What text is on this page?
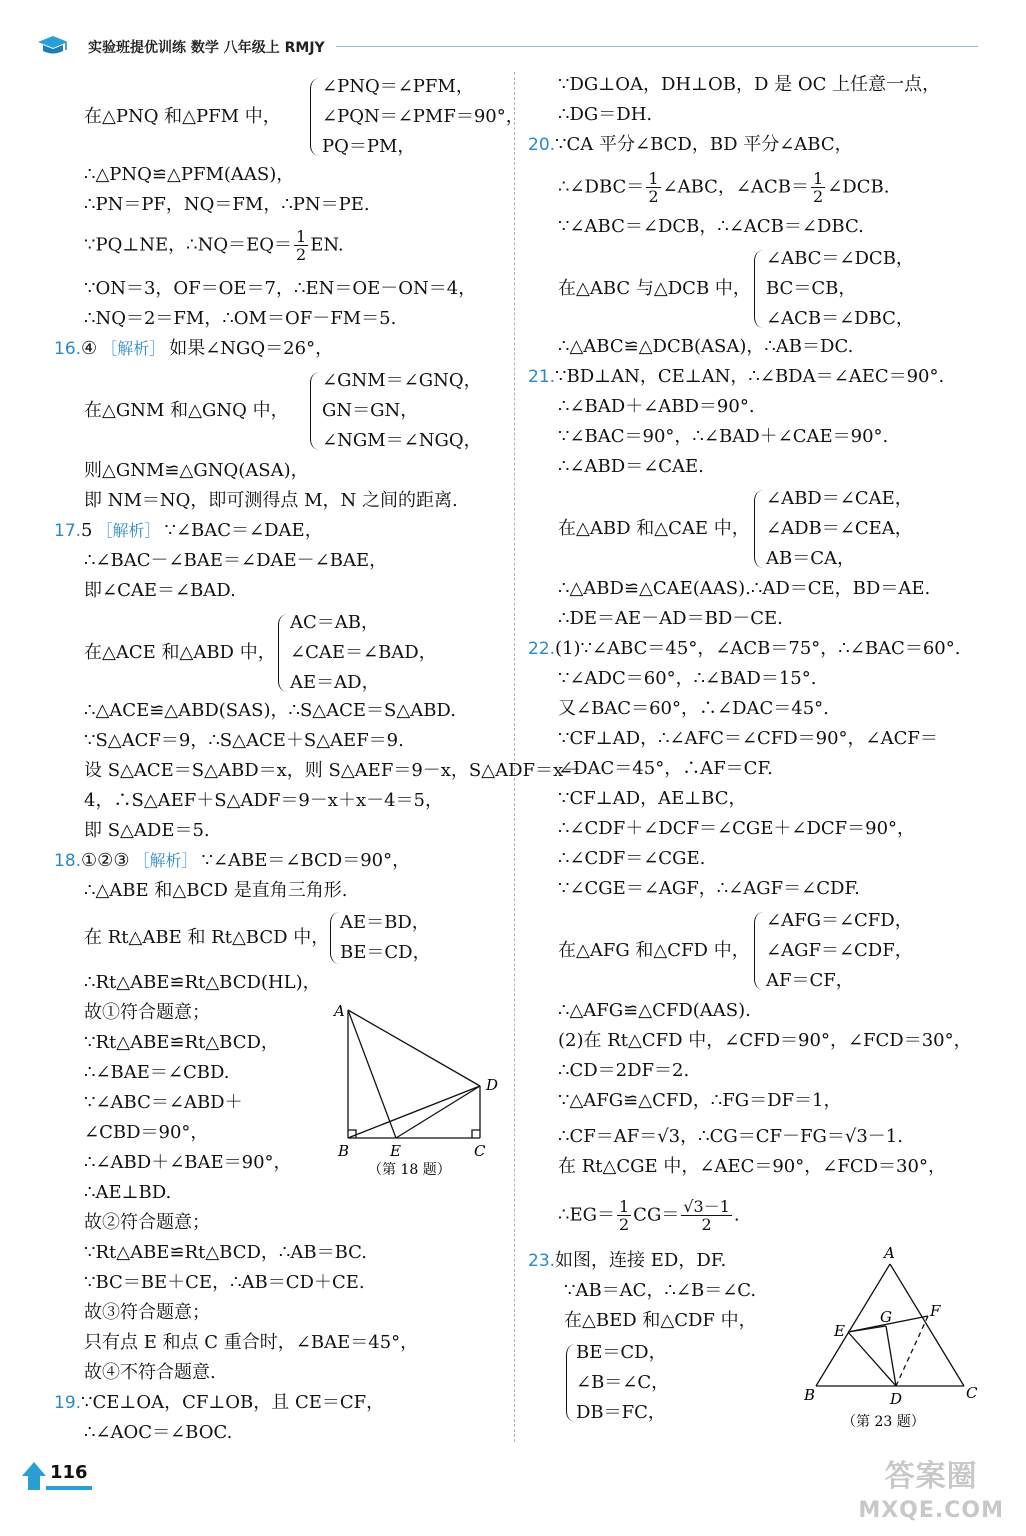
实验班提优训练 数学 八年级上 RMJY
在△PNQ 和△PFM 中，
∠PNQ＝∠PFM，
∠PQN＝∠PMF＝90°，
PQ＝PM，
∴△PNQ≌△PFM(AAS)，
∴PN＝PF，NQ＝FM，∴PN＝PE.
∵PQ⊥NE，∴NQ＝EQ＝ $\frac{1}{2}$ EN.
∵ON＝3，OF＝OE＝7，∴EN＝OE－ON＝4，
∴NQ＝2＝FM，∴OM＝OF－FM＝5.
16.④ ［解析］ 如果∠NGQ＝26°，
在△GNM 和△GNQ 中，
∠GNM＝∠GNQ，
GN＝GN，
∠NGM＝∠NGQ，
则△GNM≌△GNQ(ASA)，
即 NM＝NQ，即可测得点 M，N 之间的距离.
17.5 ［解析］ ∵∠BAC＝∠DAE，
∴∠BAC－∠BAE＝∠DAE－∠BAE，
即∠CAE＝∠BAD.
在△ACE 和△ABD 中，
AC＝AB，
∠CAE＝∠BAD，
AE＝AD，
∴△ACE≌△ABD(SAS)，∴S△ACE＝S△ABD.
∵S△ACF＝9，∴S△ACE＋S△AEF＝9.
设 S△ACE＝S△ABD＝x，则 S△AEF＝9－x，S△ADF＝x－
4，∴S△AEF＋S△ADF＝9－x＋x－4＝5，
即 S△ADE＝5.
18.①②③ ［解析］ ∵∠ABE＝∠BCD＝90°，
∴△ABE 和△BCD 是直角三角形.
在 Rt△ABE 和 Rt△BCD 中，
AE＝BD，
BE＝CD，
∴Rt△ABE≌Rt△BCD(HL)，
故①符合题意；
∵Rt△ABE≌Rt△BCD，
∴∠BAE＝∠CBD.
∵∠ABC＝∠ABD＋
∠CBD＝90°，
∴∠ABD＋∠BAE＝90°，
∴AE⊥BD.
故②符合题意；
∵Rt△ABE≌Rt△BCD，∴AB＝BC.
∵BC＝BE＋CE，∴AB＝CD＋CE.
故③符合题意；
只有点 E 和点 C 重合时，∠BAE＝45°，
故④不符合题意.
19.∵CE⊥OA，CF⊥OB，且 CE＝CF，
∴∠AOC＝∠BOC.
A
B	E	C
D
（第 18 题）
∵DG⊥OA，DH⊥OB，D 是 OC 上任意一点，
∴DG＝DH.
20.∵CA 平分∠BCD，BD 平分∠ABC，
∴∠DBC＝ $\frac{1}{2}$ ∠ABC，∠ACB＝ $\frac{1}{2}$ ∠DCB.
∵∠ABC＝∠DCB，∴∠ACB＝∠DBC.
在△ABC 与△DCB 中，
∠ABC＝∠DCB，
BC＝CB，
∠ACB＝∠DBC，
∴△ABC≌△DCB(ASA)，∴AB＝DC.
21.∵BD⊥AN，CE⊥AN，∴∠BDA＝∠AEC＝90°.
∴∠BAD＋∠ABD＝90°.
∵∠BAC＝90°，∴∠BAD＋∠CAE＝90°.
∴∠ABD＝∠CAE.
在△ABD 和△CAE 中，
∠ABD＝∠CAE，
∠ADB＝∠CEA，
AB＝CA，
∴△ABD≌△CAE(AAS).∴AD＝CE，BD＝AE.
∴DE＝AE－AD＝BD－CE.
22.(1)∵∠ABC＝45°，∠ACB＝75°，∴∠BAC＝60°.
∵∠ADC＝60°，∴∠BAD＝15°.
又∠BAC＝60°，∴∠DAC＝45°.
∵CF⊥AD，∴∠AFC＝∠CFD＝90°，∠ACF＝
∠DAC＝45°，∴AF＝CF.
∵CF⊥AD，AE⊥BC，
∴∠CDF＋∠DCF＝∠CGE＋∠DCF＝90°，
∴∠CDF＝∠CGE.
∵∠CGE＝∠AGF，∴∠AGF＝∠CDF.
在△AFG 和△CFD 中，
∠AFG＝∠CFD，
∠AGF＝∠CDF，
AF＝CF，
∴△AFG≌△CFD(AAS).
(2)在 Rt△CFD 中，∠CFD＝90°，∠FCD＝30°，
∴CD＝2DF＝2.
∵△AFG≌△CFD，∴FG＝DF＝1，
∴CF＝AF＝√3，∴CG＝CF－FG＝√3－1.
在 Rt△CGE 中，∠AEC＝90°，∠FCD＝30°，
∴EG＝ $\frac{1}{2} CG= \frac{√3-1}{2}$ .
23.如图，连接 ED，DF.
∵AB＝AC，∴∠B＝∠C.
在△BED 和△CDF 中，
BE＝CD，
∠B＝∠C，
DB＝FC，
A
B	C
D
E
F
G
（第 23 题）
116	答案圈
MXQE.COM
